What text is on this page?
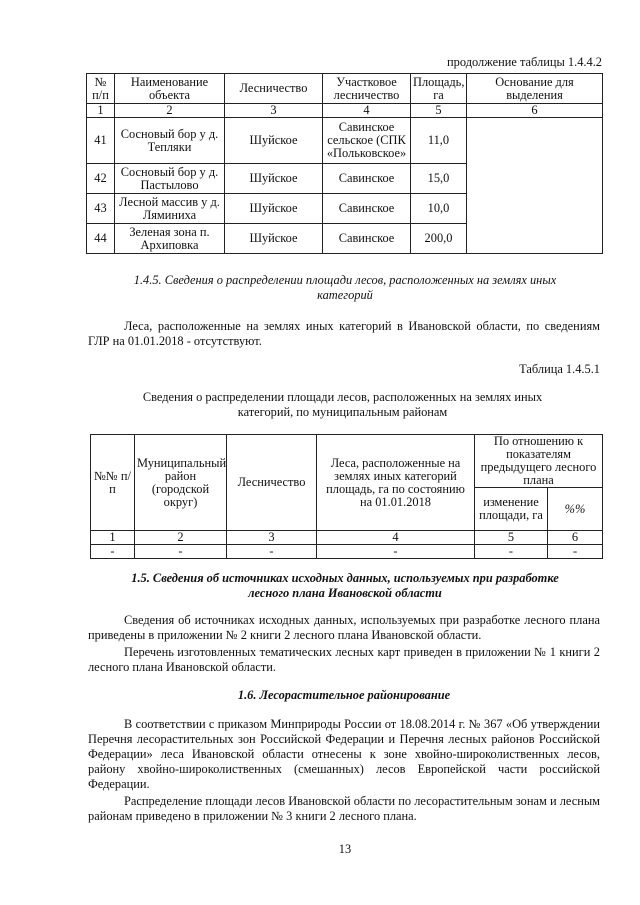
продолжение таблицы 1.4.4.2
№ п/п	Наименование объекта	Лесничество	Участковое лесничество	Площадь, га	Основание для выделения
1	2	3	4	5	6
41	Сосновый бор у д. Тепляки	Шуйское	Савинское сельское (СПК «Польковское»	11,0	
42	Сосновый бор у д. Пастылово	Шуйское	Савинское	15,0	
43	Лесной массив у д. Ляминиха	Шуйское	Савинское	10,0	
44	Зеленая зона п. Архиповка	Шуйское	Савинское	200,0	
1.4.5. Сведения о распределении площади лесов, расположенных на землях иных категорий
Леса, расположенные на землях иных категорий в Ивановской области, по сведениям ГЛР на 01.01.2018 - отсутствуют.
Таблица 1.4.5.1
Сведения о распределении площади лесов, расположенных на землях иных категорий, по муниципальным районам
№№ п/п	Муниципальный район (городской округ)	Лесничество	Леса, расположенные на землях иных категорий площадь, га по состоянию на 01.01.2018	По отношению к показателям предыдущего лесного плана	
				изменение площади, га	%%
1	2	3	4	5	6
-	-	-	-	-	-
1.5. Сведения об источниках исходных данных, используемых при разработке лесного плана Ивановской области
Сведения об источниках исходных данных, используемых при разработке лесного плана приведены в приложении № 2 книги 2 лесного плана Ивановской области.
Перечень изготовленных тематических лесных карт приведен в приложении № 1 книги 2 лесного плана Ивановской области.
1.6. Лесорастительное районирование
В соответствии с приказом Минприроды России от 18.08.2014 г. № 367 «Об утверждении Перечня лесорастительных зон Российской Федерации и Перечня лесных районов Российской Федерации» леса Ивановской области отнесены к зоне хвойно-широколиственных лесов, району хвойно-широколиственных (смешанных) лесов Европейской части российской Федерации.
Распределение площади лесов Ивановской области по лесорастительным зонам и лесным районам приведено в приложении № 3 книги 2 лесного плана.
13
